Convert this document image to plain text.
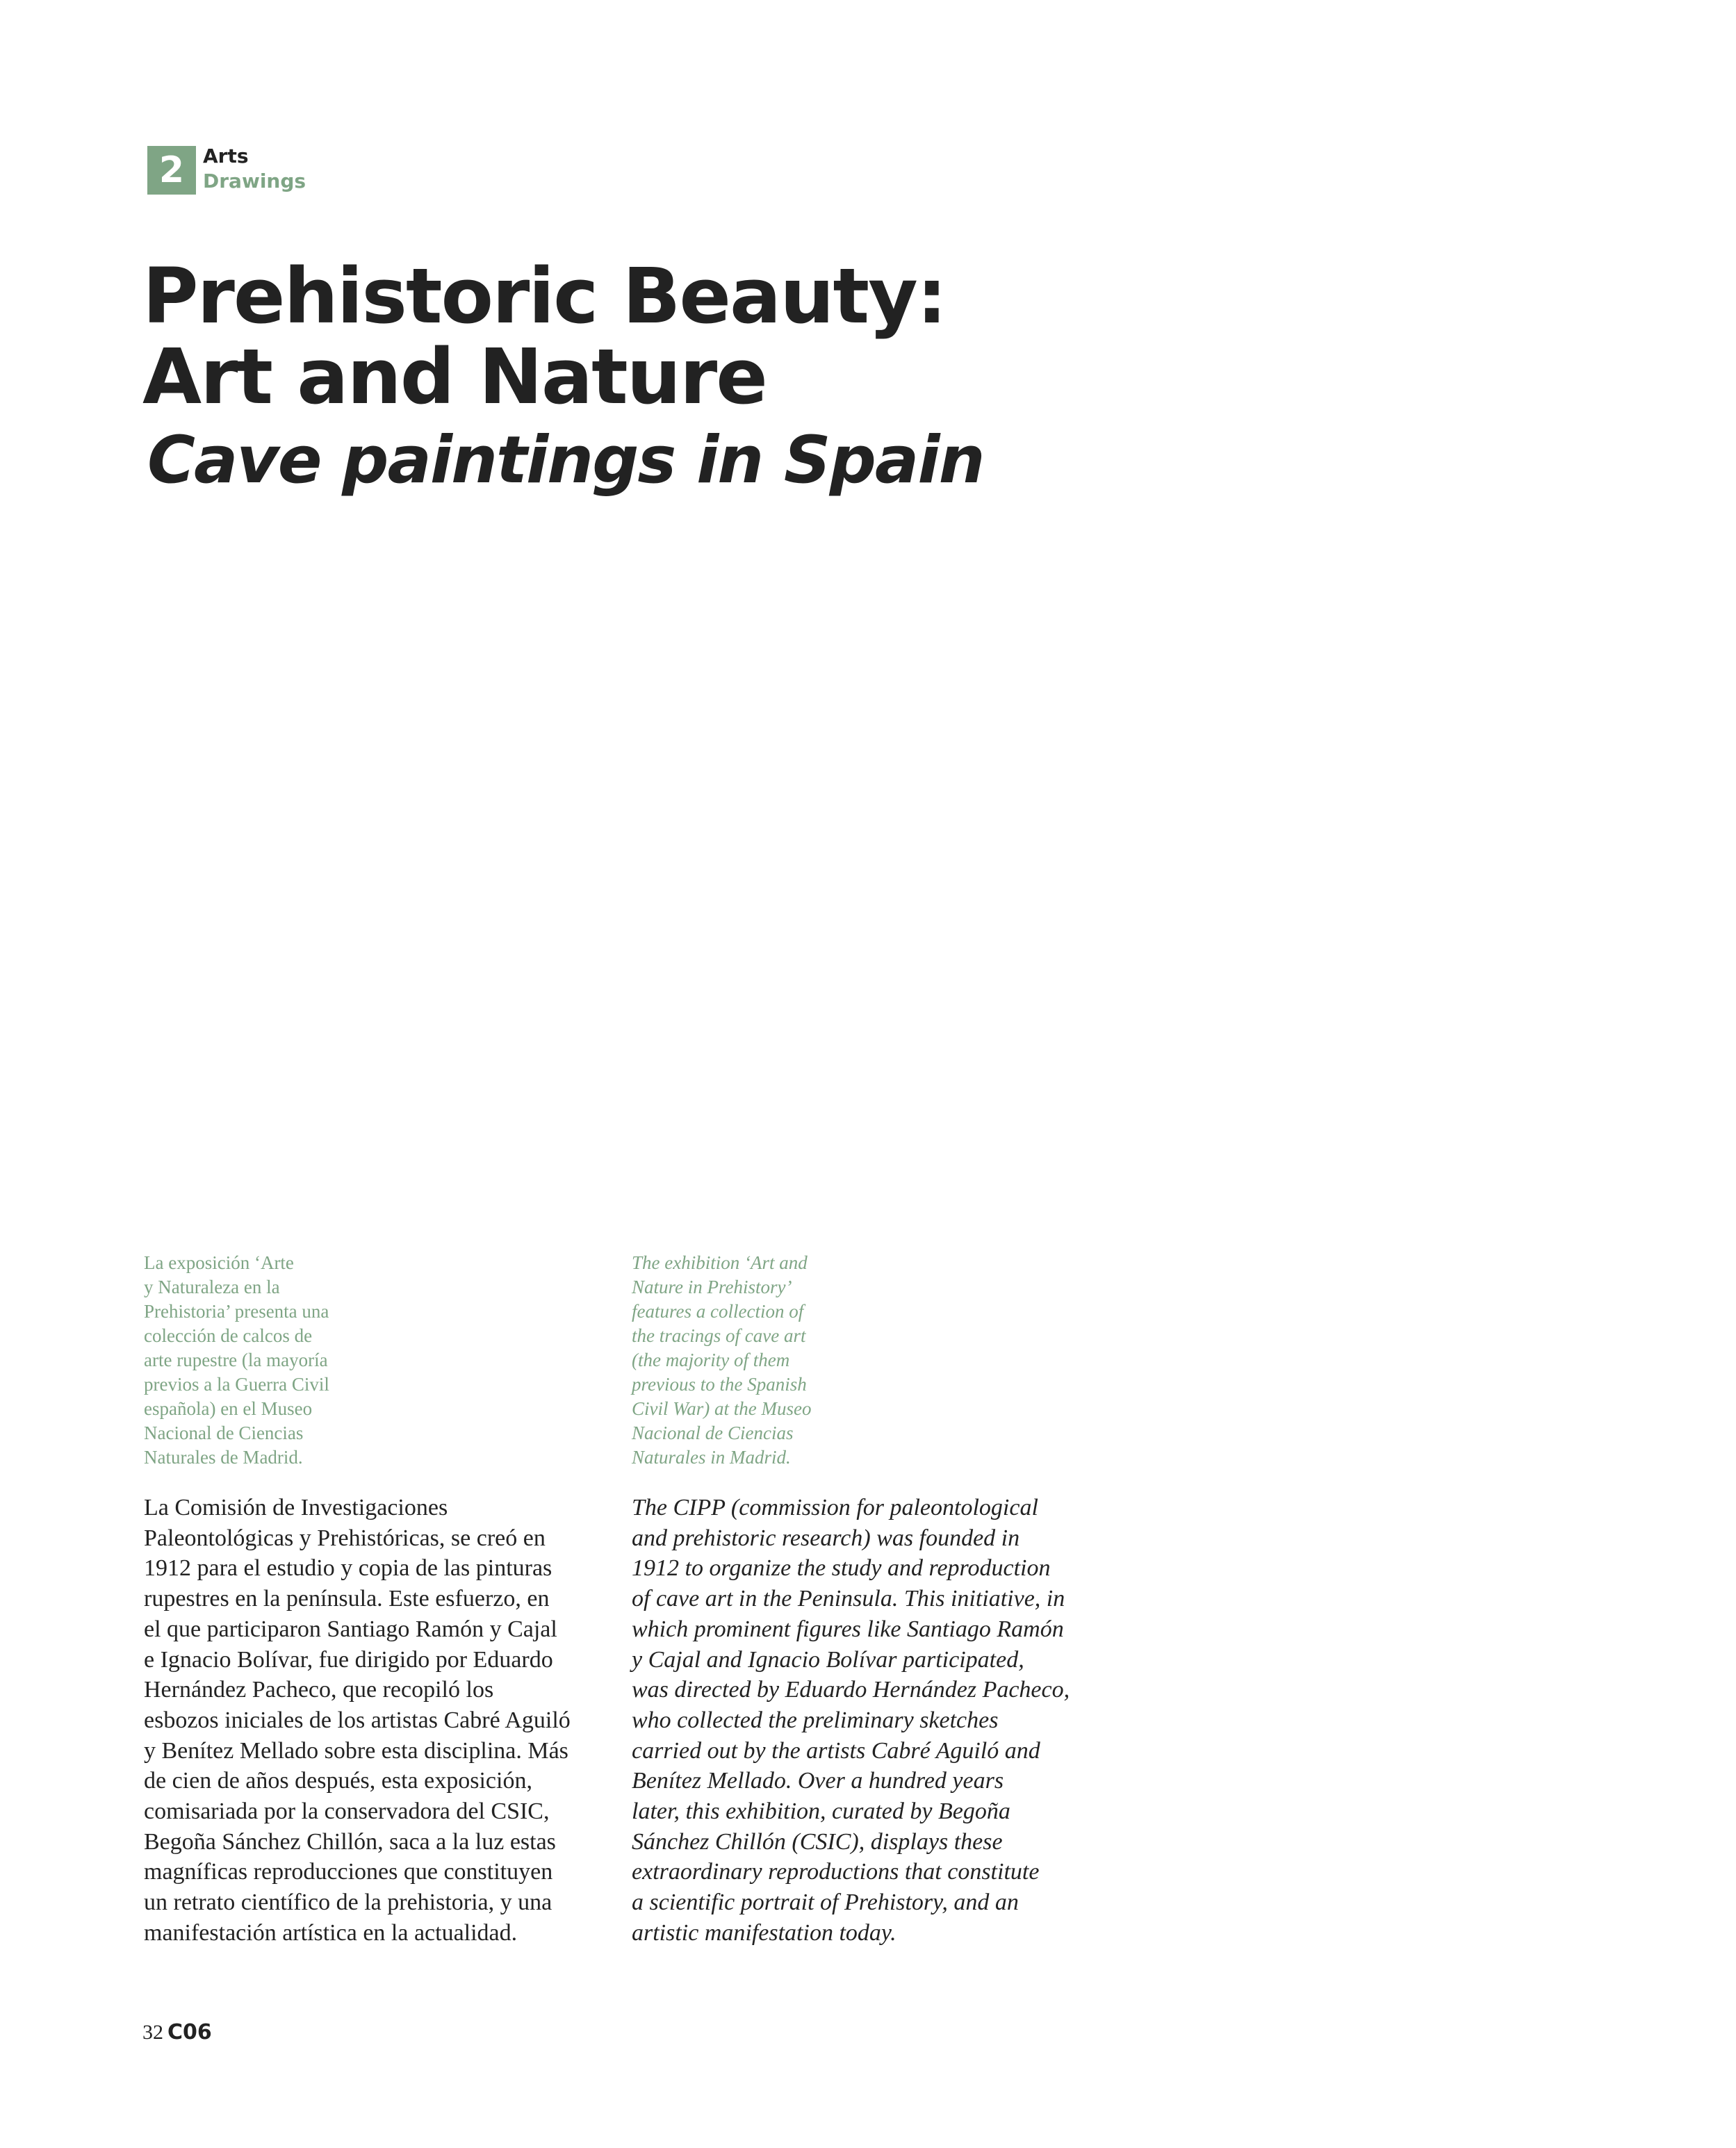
2 Arts
Drawings
Prehistoric Beauty:
Art and Nature
Cave paintings in Spain
La exposición ‘Arte
y Naturaleza en la
Prehistoria’ presenta una
colección de calcos de
arte rupestre (la mayoría
previos a la Guerra Civil
española) en el Museo
Nacional de Ciencias
Naturales de Madrid.
The exhibition ‘Art and
Nature in Prehistory’
features a collection of
the tracings of cave art
(the majority of them
previous to the Spanish
Civil War) at the Museo
Nacional de Ciencias
Naturales in Madrid.
La Comisión de Investigaciones
Paleontológicas y Prehistóricas, se creó en
1912 para el estudio y copia de las pinturas
rupestres en la península. Este esfuerzo, en
el que participaron Santiago Ramón y Cajal
e Ignacio Bolívar, fue dirigido por Eduardo
Hernández Pacheco, que recopiló los
esbozos iniciales de los artistas Cabré Aguiló
y Benítez Mellado sobre esta disciplina. Más
de cien de años después, esta exposición,
comisariada por la conservadora del CSIC,
Begoña Sánchez Chillón, saca a la luz estas
magníficas reproducciones que constituyen
un retrato científico de la prehistoria, y una
manifestación artística en la actualidad.
The CIPP (commission for paleontological
and prehistoric research) was founded in
1912 to organize the study and reproduction
of cave art in the Peninsula. This initiative, in
which prominent figures like Santiago Ramón
y Cajal and Ignacio Bolívar participated,
was directed by Eduardo Hernández Pacheco,
who collected the preliminary sketches
carried out by the artists Cabré Aguiló and
Benítez Mellado. Over a hundred years
later, this exhibition, curated by Begoña
Sánchez Chillón (CSIC), displays these
extraordinary reproductions that constitute
a scientific portrait of Prehistory, and an
artistic manifestation today.
32 C06
